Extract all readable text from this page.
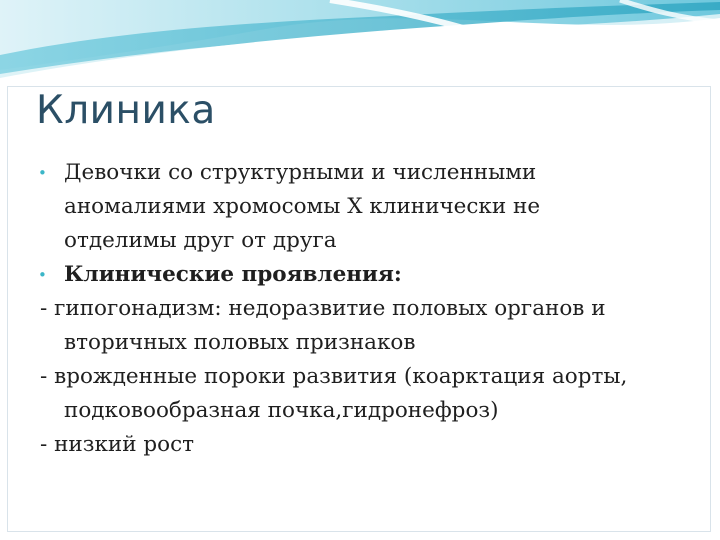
Клиника
• Девочки со структурными и численными
аномалиями хромосомы X клинически не
отделимы друг от друга
• Клинические проявления:
- гипогонадизм: недоразвитие половых органов и
вторичных половых признаков
- врожденные пороки развития (коарктация аорты,
подковообразная почка,гидронефроз)
- низкий рост
